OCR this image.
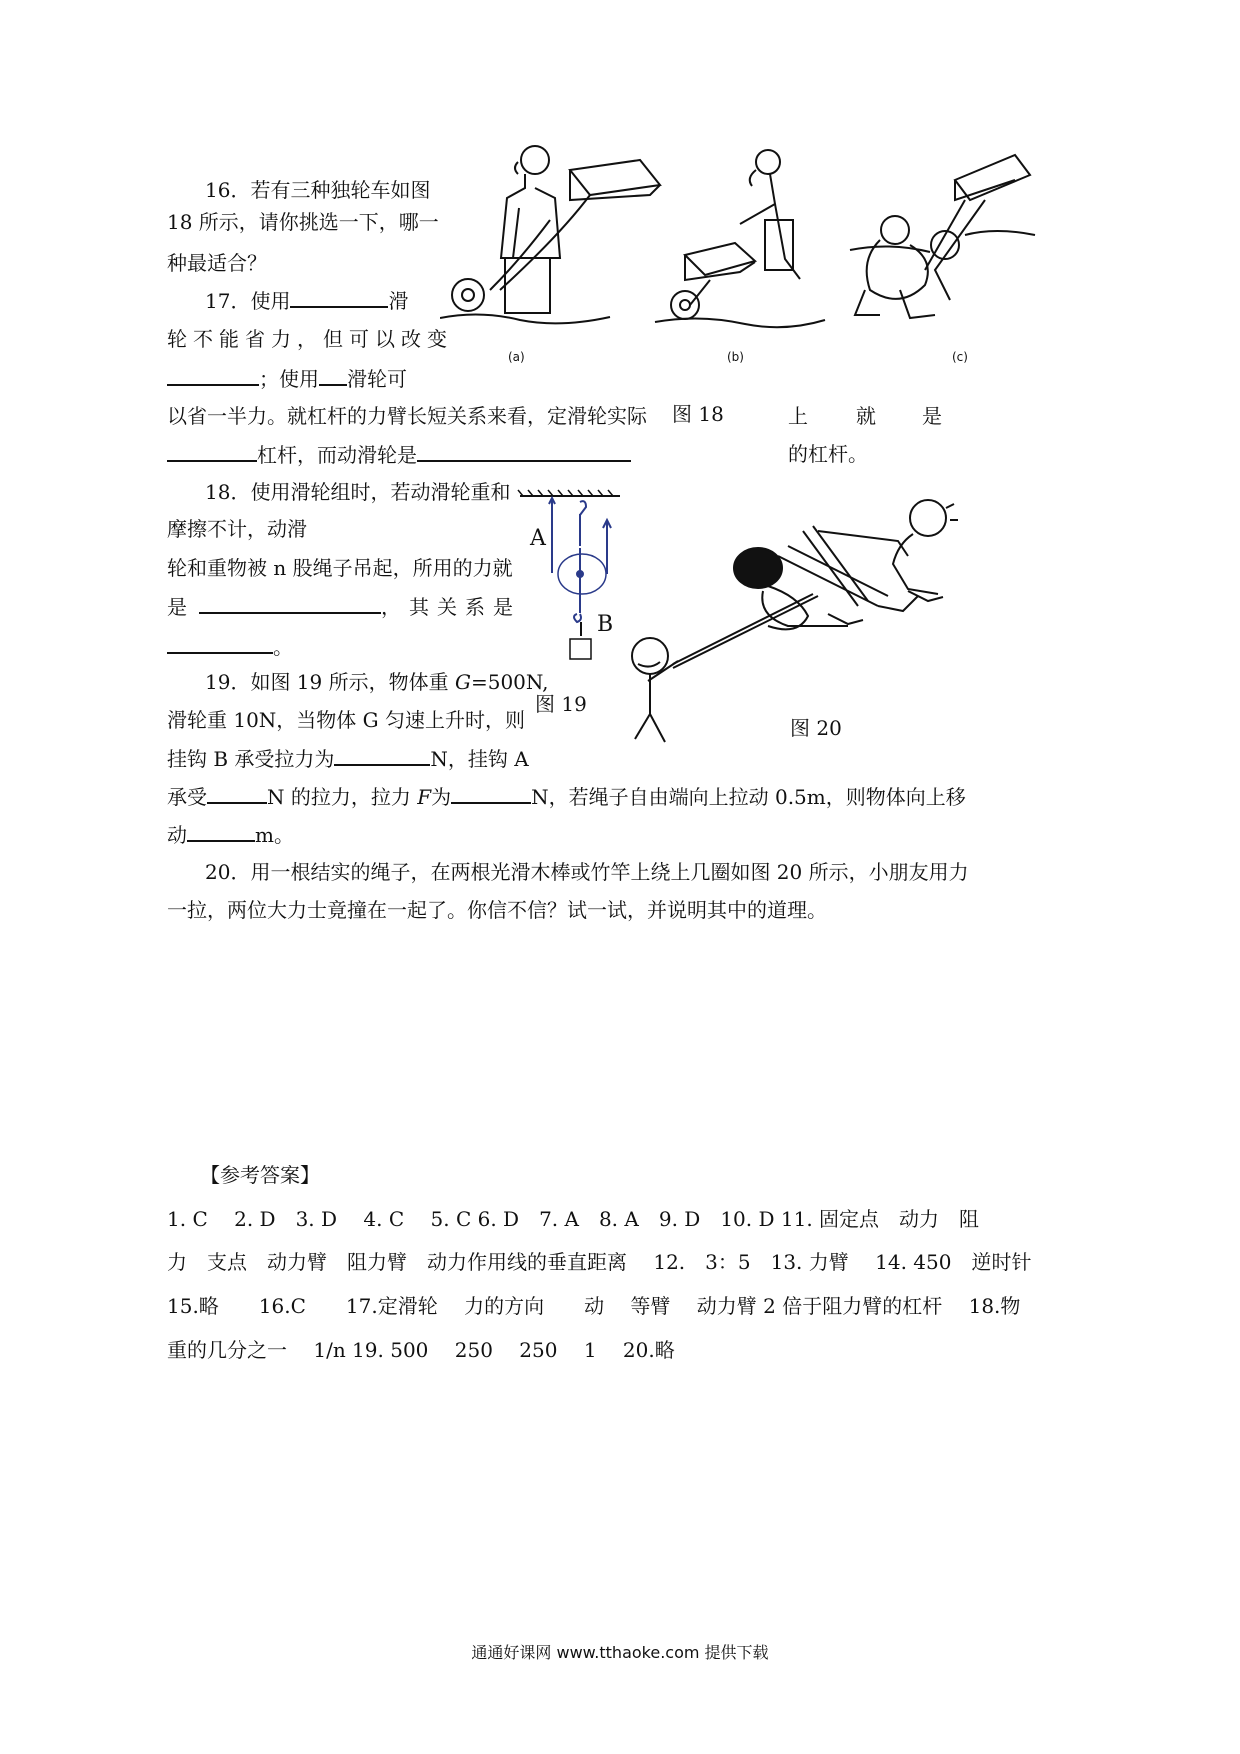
16．若有三种独轮车如图
18 所示，请你挑选一下，哪一
种最适合？
17．使用	滑
轮不能省力，但可以改变
；使用 滑轮可
以省一半力。就杠杆的力臂长短关系来看，定滑轮实际	上 就 是
杠杆，而动滑轮是	的杠杆。
(a)	(b)	(c)
图 18
18．使用滑轮组时，若动滑轮重和
摩擦不计，动滑
轮和重物被 n 股绳子吊起，所用的力就
是	，其关系是
。
A
B
图 19
图 20
19．如图 19 所示，物体重 G=500N,
滑轮重 10N，当物体 G 匀速上升时，则
挂钩 B 承受拉力为	N，挂钩 A
承受	N 的拉力，拉力 F为	N，若绳子自由端向上拉动 0.5m，则物体向上移
动	m。
20．用一根结实的绳子，在两根光滑木棒或竹竿上绕上几圈如图 20 所示，小朋友用力
一拉，两位大力士竟撞在一起了。你信不信？试一试，并说明其中的道理。
【参考答案】
1. C　 2. D　3. D　 4. C　 5. C 6. D　7. A　8. A　9. D　10. D 11. 固定点　动力　阻
力　支点　动力臂　阻力臂　动力作用线的垂直距离　 12.　3：5　13. 力臂　 14. 450　逆时针
15.略　　16.C　　17.定滑轮　 力的方向　　动　 等臂　 动力臂 2 倍于阻力臂的杠杆　 18.物
重的几分之一　 1/n 19. 500　 250　 250　 1　 20.略
通通好课网 www.tthaoke.com 提供下载
